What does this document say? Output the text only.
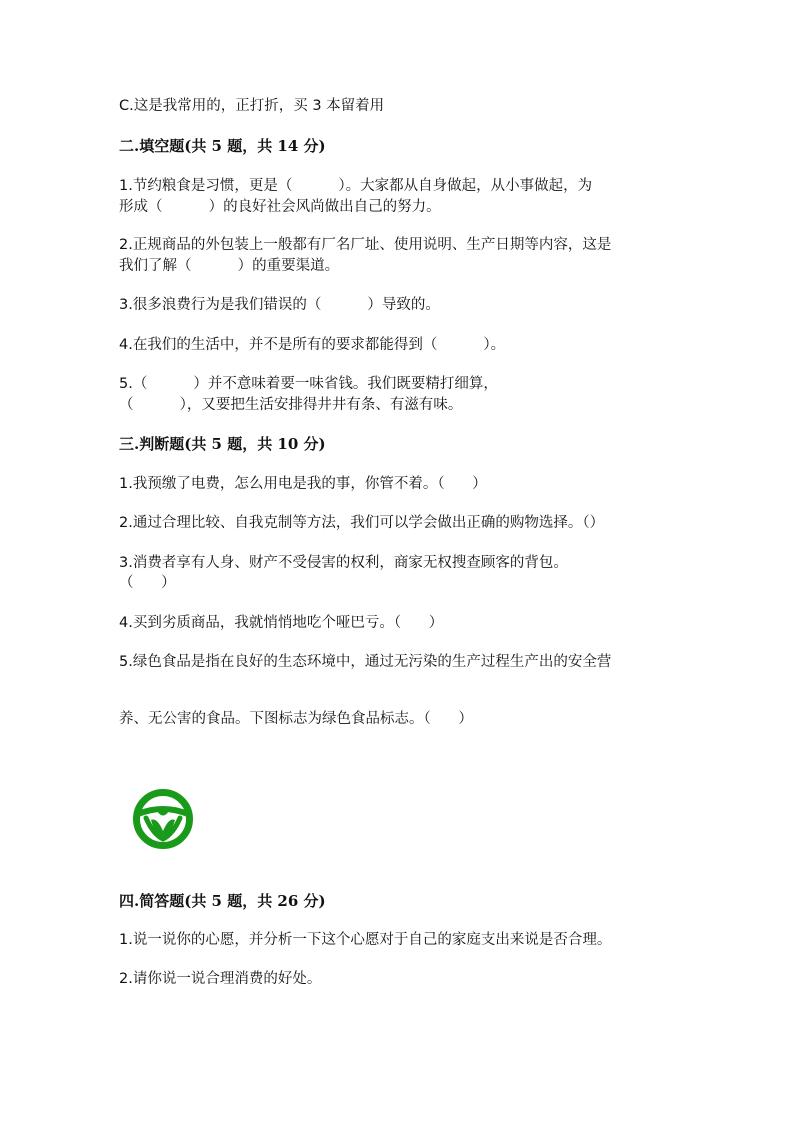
C.这是我常用的，正打折，买 3 本留着用

二.填空题(共 5 题，共 14 分)

1.节约粮食是习惯，更是（          ）。大家都从自身做起，从小事做起，为

形成（          ）的良好社会风尚做出自己的努力。

2.正规商品的外包装上一般都有厂名厂址、使用说明、生产日期等内容，这是

我们了解（          ）的重要渠道。

3.很多浪费行为是我们错误的（          ）导致的。

4.在我们的生活中，并不是所有的要求都能得到（          ）。

5.（          ）并不意味着要一味省钱。我们既要精打细算，

（          ），又要把生活安排得井井有条、有滋有味。

三.判断题(共 5 题，共 10 分)

1.我预缴了电费，怎么用电是我的事，你管不着。（      ）

2.通过合理比较、自我克制等方法，我们可以学会做出正确的购物选择。（）

3.消费者享有人身、财产不受侵害的权利，商家无权搜查顾客的背包。

（      ）

4.买到劣质商品，我就悄悄地吃个哑巴亏。（      ）

5.绿色食品是指在良好的生态环境中，通过无污染的生产过程生产出的安全营

养、无公害的食品。下图标志为绿色食品标志。（      ）

四.简答题(共 5 题，共 26 分)

1.说一说你的心愿，并分析一下这个心愿对于自己的家庭支出来说是否合理。

2.请你说一说合理消费的好处。
